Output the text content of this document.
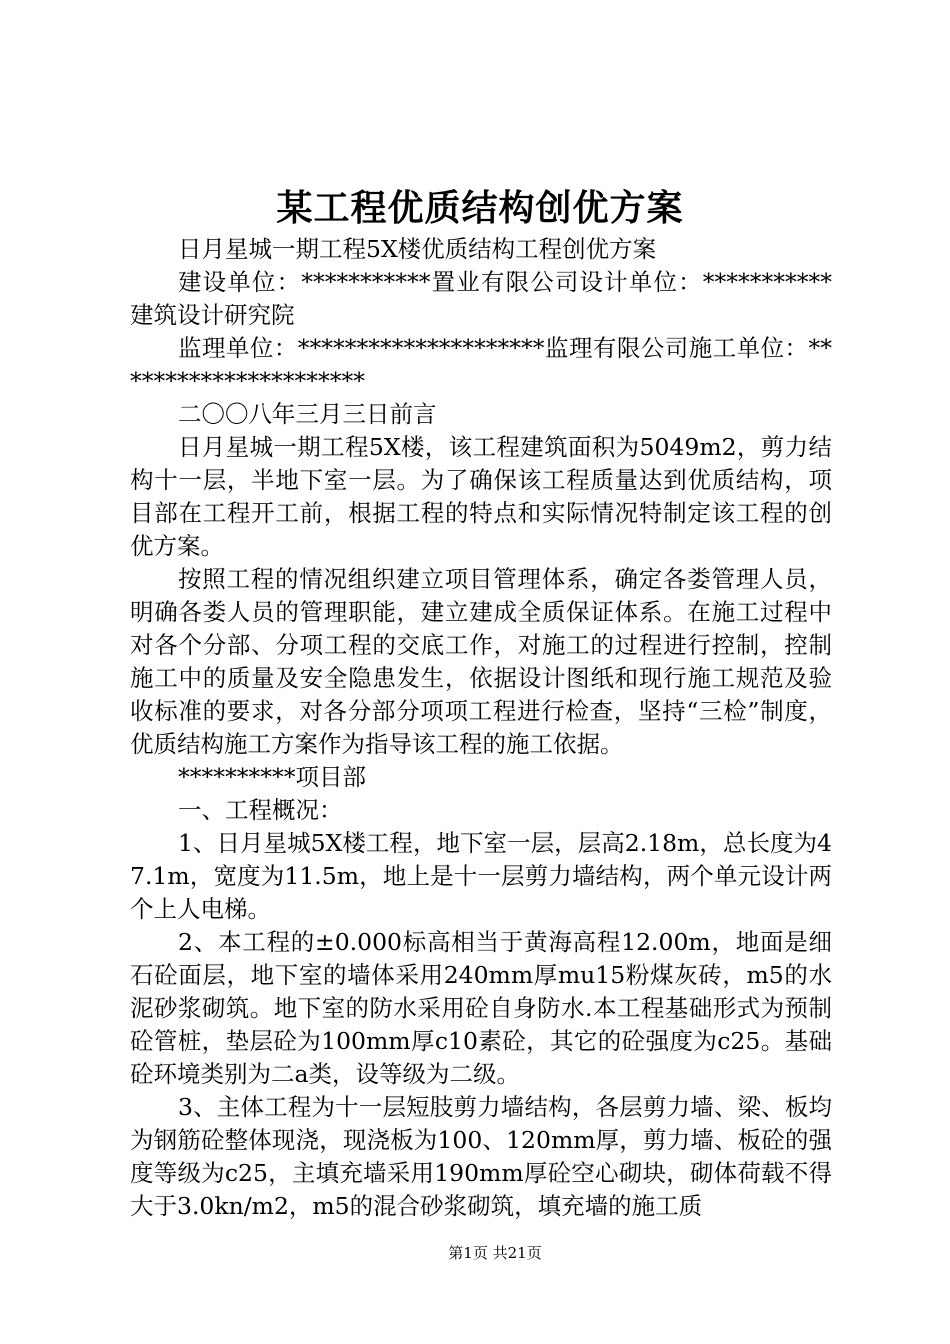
某工程优质结构创优方案

日月星城一期工程5X楼优质结构工程创优方案

建设单位：***********置业有限公司设计单位：***********建筑设计研究院

监理单位：*********************监理有限公司施工单位：**********************

二〇〇八年三月三日前言

日月星城一期工程5X楼，该工程建筑面积为5049m2，剪力结构十一层，半地下室一层。为了确保该工程质量达到优质结构，项目部在工程开工前，根据工程的特点和实际情况特制定该工程的创优方案。

按照工程的情况组织建立项目管理体系，确定各娄管理人员，明确各娄人员的管理职能，建立建成全质保证体系。在施工过程中对各个分部、分项工程的交底工作，对施工的过程进行控制，控制施工中的质量及安全隐患发生，依据设计图纸和现行施工规范及验收标准的要求，对各分部分项项工程进行检查，坚持“三检”制度，优质结构施工方案作为指导该工程的施工依据。

**********项目部

一、工程概况：

1、日月星城5X楼工程，地下室一层，层高2.18m，总长度为47.1m，宽度为11.5m，地上是十一层剪力墙结构，两个单元设计两个上人电梯。

2、本工程的±0.000标高相当于黄海高程12.00m，地面是细石砼面层，地下室的墙体采用240mm厚mu15粉煤灰砖，m5的水泥砂浆砌筑。地下室的防水采用砼自身防水.本工程基础形式为预制砼管桩，垫层砼为100mm厚c10素砼，其它的砼强度为c25。基础砼环境类别为二a类，设等级为二级。

3、主体工程为十一层短肢剪力墙结构，各层剪力墙、梁、板均为钢筋砼整体现浇，现浇板为100、120mm厚，剪力墙、板砼的强度等级为c25，主填充墙采用190mm厚砼空心砌块，砌体荷载不得大于3.0kn/m2，m5的混合砂浆砌筑，填充墙的施工质

第1页 共21页
